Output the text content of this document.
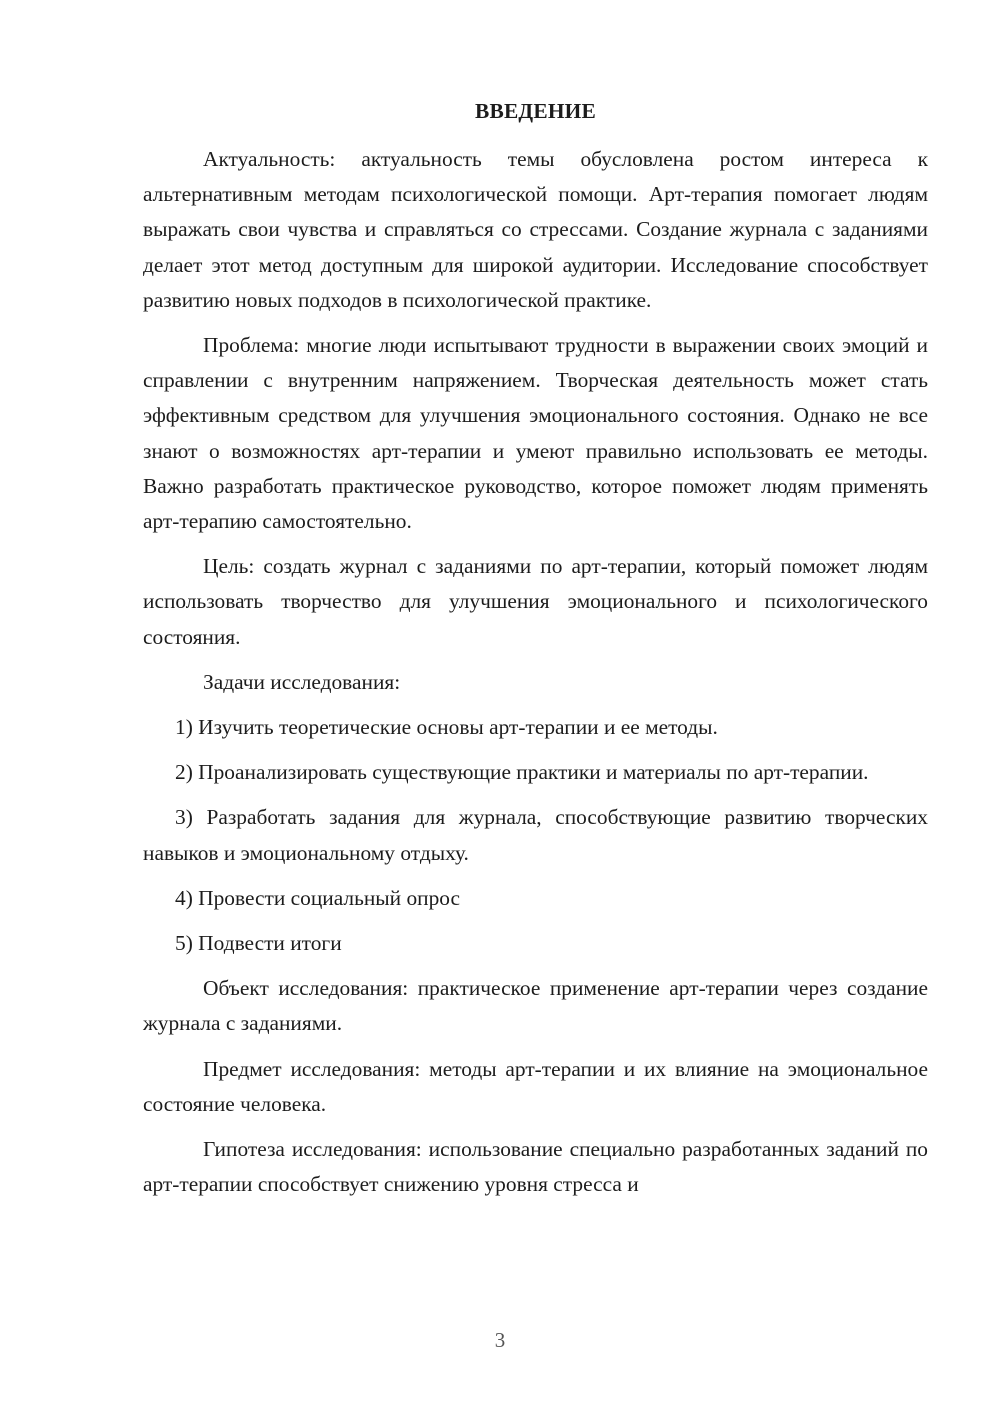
ВВЕДЕНИЕ

Актуальность: актуальность темы обусловлена ростом интереса к альтернативным методам психологической помощи. Арт-терапия помогает людям выражать свои чувства и справляться со стрессами. Создание журнала с заданиями делает этот метод доступным для широкой аудитории. Исследование способствует развитию новых подходов в психологической практике.

Проблема: многие люди испытывают трудности в выражении своих эмоций и справлении с внутренним напряжением. Творческая деятельность может стать эффективным средством для улучшения эмоционального состояния. Однако не все знают о возможностях арт-терапии и умеют правильно использовать ее методы. Важно разработать практическое руководство, которое поможет людям применять арт-терапию самостоятельно.

Цель: создать журнал с заданиями по арт-терапии, который поможет людям использовать творчество для улучшения эмоционального и психологического состояния.

Задачи исследования:

1) Изучить теоретические основы арт-терапии и ее методы.

2) Проанализировать существующие практики и материалы по арт-терапии.

3) Разработать задания для журнала, способствующие развитию творческих навыков и эмоциональному отдыху.

4) Провести социальный опрос

5) Подвести итоги

Объект исследования: практическое применение арт-терапии через создание журнала с заданиями.

Предмет исследования: методы арт-терапии и их влияние на эмоциональное состояние человека.

Гипотеза исследования: использование специально разработанных заданий по арт-терапии способствует снижению уровня стресса и

3
